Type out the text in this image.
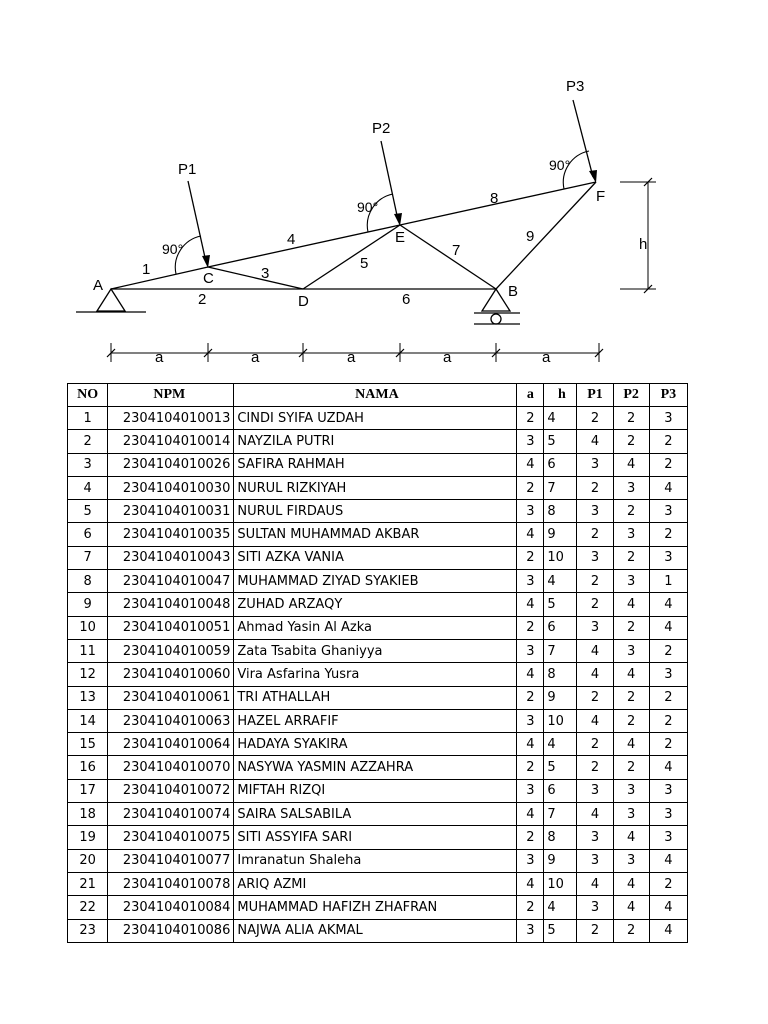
A	B
C
D
E
F
1
2
3
4
5
6
7
8
9
P1
P2
P3
90°
90°
90°
h
a	a	a	a	a
NO	NPM	NAMA	a	h	P1	P2	P3
1	2304104010013	CINDI SYIFA UZDAH	2	4	2	2	3
2	2304104010014	NAYZILA PUTRI	3	5	4	2	2
3	2304104010026	SAFIRA RAHMAH	4	6	3	4	2
4	2304104010030	NURUL RIZKIYAH	2	7	2	3	4
5	2304104010031	NURUL FIRDAUS	3	8	3	2	3
6	2304104010035	SULTAN MUHAMMAD AKBAR	4	9	2	3	2
7	2304104010043	SITI AZKA VANIA	2	10	3	2	3
8	2304104010047	MUHAMMAD ZIYAD SYAKIEB	3	4	2	3	1
9	2304104010048	ZUHAD ARZAQY	4	5	2	4	4
10	2304104010051	Ahmad Yasin Al Azka	2	6	3	2	4
11	2304104010059	Zata Tsabita Ghaniyya	3	7	4	3	2
12	2304104010060	Vira Asfarina Yusra	4	8	4	4	3
13	2304104010061	TRI ATHALLAH	2	9	2	2	2
14	2304104010063	HAZEL ARRAFIF	3	10	4	2	2
15	2304104010064	HADAYA SYAKIRA	4	4	2	4	2
16	2304104010070	NASYWA YASMIN AZZAHRA	2	5	2	2	4
17	2304104010072	MIFTAH RIZQI	3	6	3	3	3
18	2304104010074	SAIRA SALSABILA	4	7	4	3	3
19	2304104010075	SITI ASSYIFA SARI	2	8	3	4	3
20	2304104010077	Imranatun Shaleha	3	9	3	3	4
21	2304104010078	ARIQ AZMI	4	10	4	4	2
22	2304104010084	MUHAMMAD HAFIZH ZHAFRAN	2	4	3	4	4
23	2304104010086	NAJWA ALIA AKMAL	3	5	2	2	4
